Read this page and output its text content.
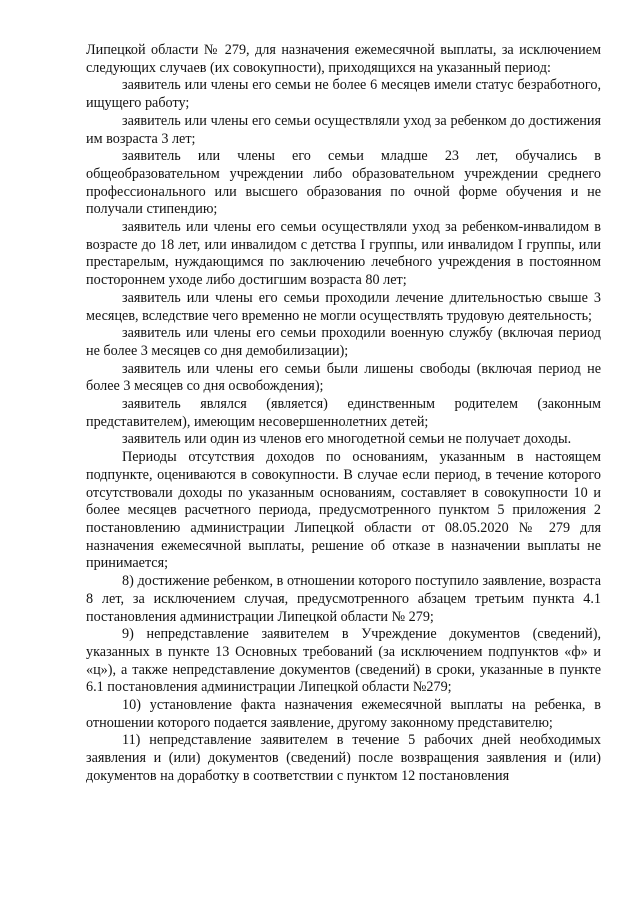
Липецкой области № 279, для назначения ежемесячной выплаты, за исключением следующих случаев (их совокупности), приходящихся на указанный период:

заявитель или члены его семьи не более 6 месяцев имели статус безработного, ищущего работу;

заявитель или члены его семьи осуществляли уход за ребенком до достижения им возраста 3 лет;

заявитель или члены его семьи младше 23 лет, обучались в общеобразовательном учреждении либо образовательном учреждении среднего профессионального или высшего образования по очной форме обучения и не получали стипендию;

заявитель или члены его семьи осуществляли уход за ребенком-инвалидом в возрасте до 18 лет, или инвалидом с детства I группы, или инвалидом I группы, или престарелым, нуждающимся по заключению лечебного учреждения в постоянном постороннем уходе либо достигшим возраста 80 лет;

заявитель или члены его семьи проходили лечение длительностью свыше 3 месяцев, вследствие чего временно не могли осуществлять трудовую деятельность;

заявитель или члены его семьи проходили военную службу (включая период не более 3 месяцев со дня демобилизации);

заявитель или члены его семьи были лишены свободы (включая период не более 3 месяцев со дня освобождения);

заявитель являлся (является) единственным родителем (законным представителем), имеющим несовершеннолетних детей;

заявитель или один из членов его многодетной семьи не получает доходы.

Периоды отсутствия доходов по основаниям, указанным в настоящем подпункте, оцениваются в совокупности. В случае если период, в течение которого отсутствовали доходы по указанным основаниям, составляет в совокупности 10 и более месяцев расчетного периода, предусмотренного пунктом 5 приложения 2 постановлению администрации Липецкой области от 08.05.2020 № 279 для назначения ежемесячной выплаты, решение об отказе в назначении выплаты не принимается;

8) достижение ребенком, в отношении которого поступило заявление, возраста 8 лет, за исключением случая, предусмотренного абзацем третьим пункта 4.1 постановления администрации Липецкой области № 279;

9) непредставление заявителем в Учреждение документов (сведений), указанных в пункте 13 Основных требований (за исключением подпунктов «ф» и «ц»), а также непредставление документов (сведений) в сроки, указанные в пункте 6.1 постановления администрации Липецкой области №279;

10) установление факта назначения ежемесячной выплаты на ребенка, в отношении которого подается заявление, другому законному представителю;

11) непредставление заявителем в течение 5 рабочих дней необходимых заявления и (или) документов (сведений) после возвращения заявления и (или) документов на доработку в соответствии с пунктом 12 постановления
